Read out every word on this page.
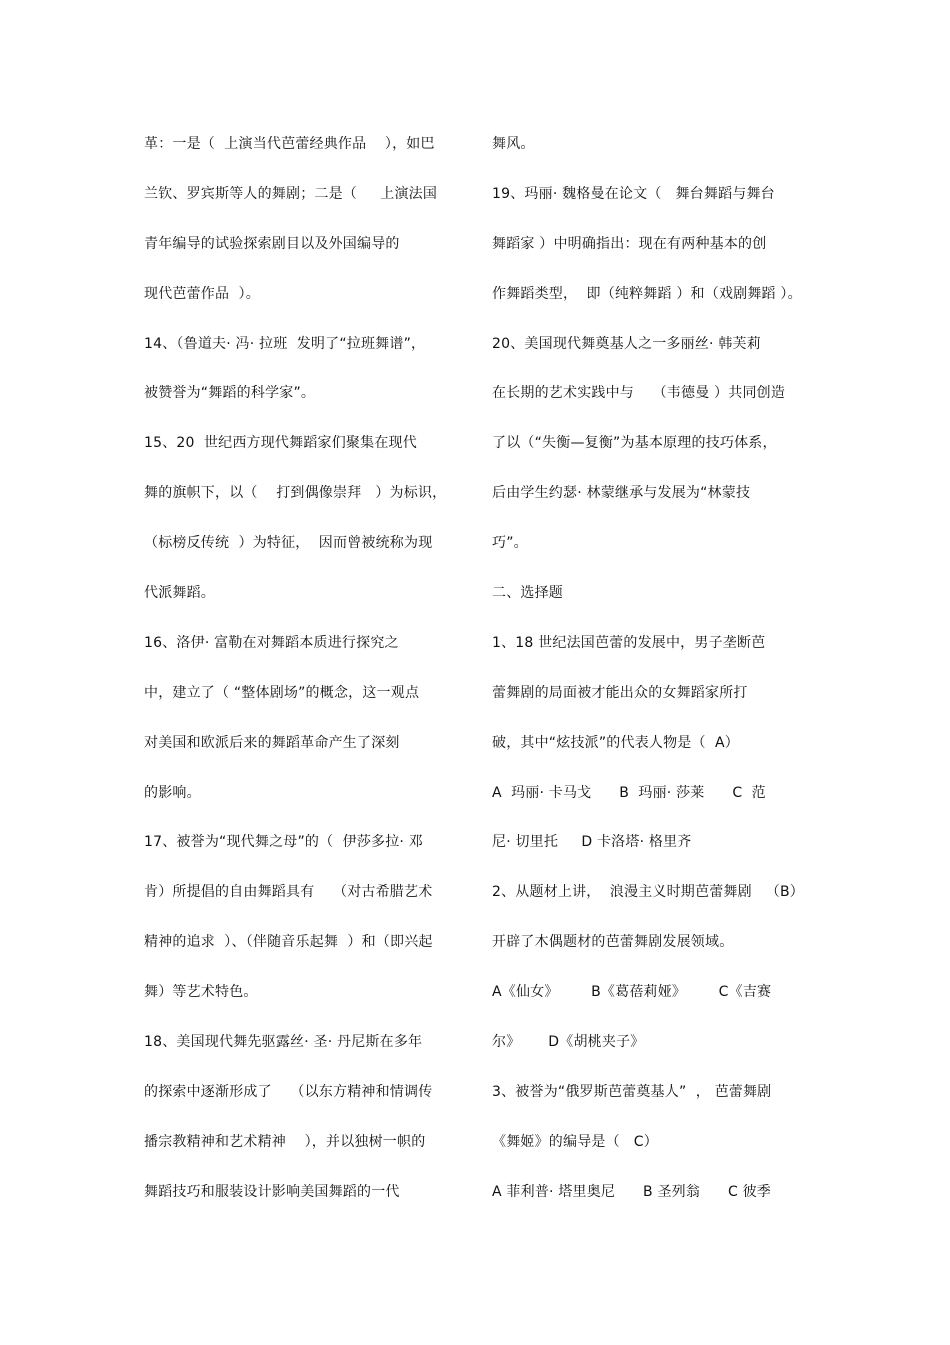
革：一是（  上演当代芭蕾经典作品    ），如巴
兰钦、罗宾斯等人的舞剧；二是（     上演法国
青年编导的试验探索剧目以及外国编导的
现代芭蕾作品  ）。
14、（鲁道夫· 冯· 拉班  发明了“拉班舞谱”，
被赞誉为“舞蹈的科学家”。
15、20  世纪西方现代舞蹈家们聚集在现代
舞的旗帜下，以（    打到偶像崇拜   ）为标识，
（标榜反传统  ）为特征，  因而曾被统称为现
代派舞蹈。
16、洛伊· 富勒在对舞蹈本质进行探究之
中，建立了（ “整体剧场”的概念，这一观点
对美国和欧派后来的舞蹈革命产生了深刻
的影响。
17、被誉为“现代舞之母”的（  伊莎多拉· 邓
肯）所提倡的自由舞蹈具有    （对古希腊艺术
精神的追求  ）、（伴随音乐起舞  ）和（即兴起
舞）等艺术特色。
18、美国现代舞先驱露丝· 圣· 丹尼斯在多年
的探索中逐渐形成了    （以东方精神和情调传
播宗教精神和艺术精神    ），并以独树一帜的
舞蹈技巧和服装设计影响美国舞蹈的一代
舞风。
19、玛丽· 魏格曼在论文（   舞台舞蹈与舞台
舞蹈家 ）中明确指出：现在有两种基本的创
作舞蹈类型，  即（纯粹舞蹈 ）和（戏剧舞蹈 ）。
20、美国现代舞奠基人之一多丽丝· 韩芙莉
在长期的艺术实践中与    （韦德曼 ）共同创造
了以（“失衡—复衡”为基本原理的技巧体系，
后由学生约瑟· 林蒙继承与发展为“林蒙技
巧”。
二、选择题
1、18 世纪法国芭蕾的发展中，男子垄断芭
蕾舞剧的局面被才能出众的女舞蹈家所打
破，其中“炫技派”的代表人物是（  A）
A  玛丽· 卡马戈      B  玛丽· 莎莱      C  范
尼· 切里托     D 卡洛塔· 格里齐
2、从题材上讲，  浪漫主义时期芭蕾舞剧   （B）
开辟了木偶题材的芭蕾舞剧发展领域。
A《仙女》       B《葛蓓莉娅》       C《吉赛
尔》      D《胡桃夹子》
3、被誉为“俄罗斯芭蕾奠基人”  ， 芭蕾舞剧
《舞姬》的编导是（   C）
A 菲利普· 塔里奥尼      B 圣列翁      C 彼季
